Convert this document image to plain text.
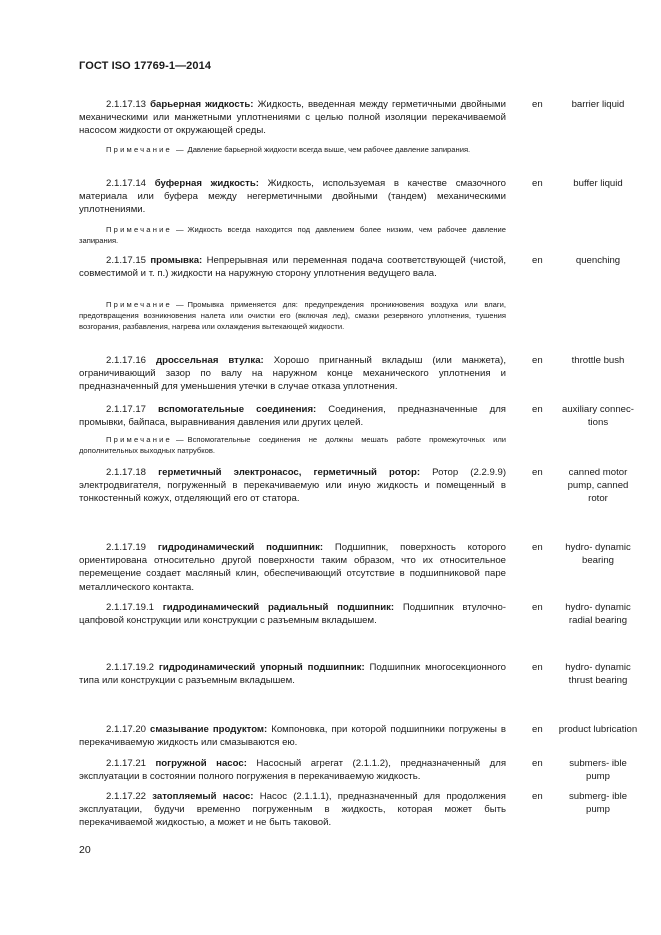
ГОСТ ISO 17769-1—2014
2.1.17.13 барьерная жидкость: Жидкость, введенная между герметичными двойными механическими или манжетными уплотнениями с целью полной изоляции перекачиваемой насосом жидкости от окружающей среды.
en	barrier liquid
Примечание — Давление барьерной жидкости всегда выше, чем рабочее давление запирания.
2.1.17.14 буферная жидкость: Жидкость, используемая в качестве смазочного материала или буфера между негерметичными двойными (тандем) механическими уплотнениями.
en	buffer liquid
Примечание — Жидкость всегда находится под давлением более низким, чем рабочее давление запирания.
2.1.17.15 промывка: Непрерывная или переменная подача соответствующей (чистой, совместимой и т. п.) жидкости на наружную сторону уплотнения ведущего вала.
en	quenching
Примечание — Промывка применяется для: предупреждения проникновения воздуха или влаги, предотвращения возникновения налета или очистки его (включая лед), смазки резервного уплотнения, тушения возгорания, разбавления, нагрева или охлаждения вытекающей жидкости.
2.1.17.16 дроссельная втулка: Хорошо пригнанный вкладыш (или манжета), ограничивающий зазор по валу на наружном конце механического уплотнения и предназначенный для уменьшения утечки в случае отказа уплотнения.
en	throttle bush
2.1.17.17 вспомогательные соединения: Соединения, предназначенные для промывки, байпаса, выравнивания давления или других целей.
en	auxiliary connec- tions
Примечание — Вспомогательные соединения не должны мешать работе промежуточных или дополнительных выходных патрубков.
2.1.17.18 герметичный электронасос, герметичный ротор: Ротор (2.2.9.9) электродвигателя, погруженный в перекачиваемую или иную жидкость и помещенный в тонкостенный кожух, отделяющий его от статора.
en	canned motor pump, canned rotor
2.1.17.19 гидродинамический подшипник: Подшипник, поверхность которого ориентирована относительно другой поверхности таким образом, что их относительное перемещение создает масляный клин, обеспечивающий отсутствие в подшипниковой паре металлического контакта.
en	hydro- dynamic bearing
2.1.17.19.1 гидродинамический радиальный подшипник: Подшипник втулочно-цапфовой конструкции или конструкции с разъемным вкладышем.
en	hydro- dynamic radial bearing
2.1.17.19.2 гидродинамический упорный подшипник: Подшипник многосекционного типа или конструкции с разъемным вкладышем.
en	hydro- dynamic thrust bearing
2.1.17.20 смазывание продуктом: Компоновка, при которой подшипники погружены в перекачиваемую жидкость или смазываются ею.
en product lubrication
2.1.17.21 погружной насос: Насосный агрегат (2.1.1.2), предназначенный для эксплуатации в состоянии полного погружения в перекачиваемую жидкость.
en	submers- ible pump
2.1.17.22 затопляемый насос: Насос (2.1.1.1), предназначенный для продолжения эксплуатации, будучи временно погруженным в жидкость, которая может быть перекачиваемой жидкостью, а может и не быть таковой.
en	submerg- ible pump
20
